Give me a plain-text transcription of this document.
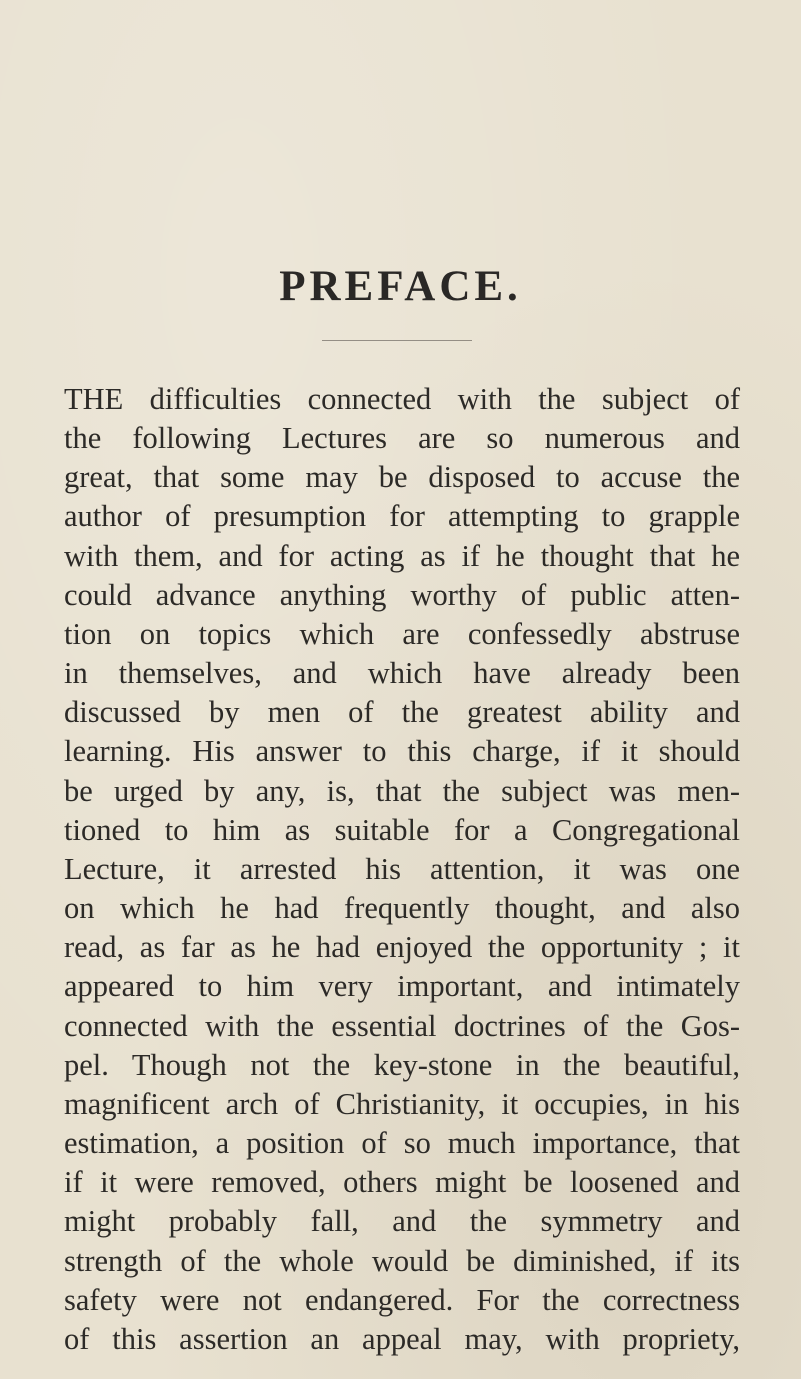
PREFACE.
THE difficulties connected with the subject of
the following Lectures are so numerous and
great, that some may be disposed to accuse the
author of presumption for attempting to grapple
with them, and for acting as if he thought that he
could advance anything worthy of public atten-
tion on topics which are confessedly abstruse
in themselves, and which have already been
discussed by men of the greatest ability and
learning. His answer to this charge, if it should
be urged by any, is, that the subject was men-
tioned to him as suitable for a Congregational
Lecture, it arrested his attention, it was one
on which he had frequently thought, and also
read, as far as he had enjoyed the opportunity ; it
appeared to him very important, and intimately
connected with the essential doctrines of the Gos-
pel. Though not the key-stone in the beautiful,
magnificent arch of Christianity, it occupies, in his
estimation, a position of so much importance, that
if it were removed, others might be loosened and
might probably fall, and the symmetry and
strength of the whole would be diminished, if its
safety were not endangered. For the correctness
of this assertion an appeal may, with propriety,
